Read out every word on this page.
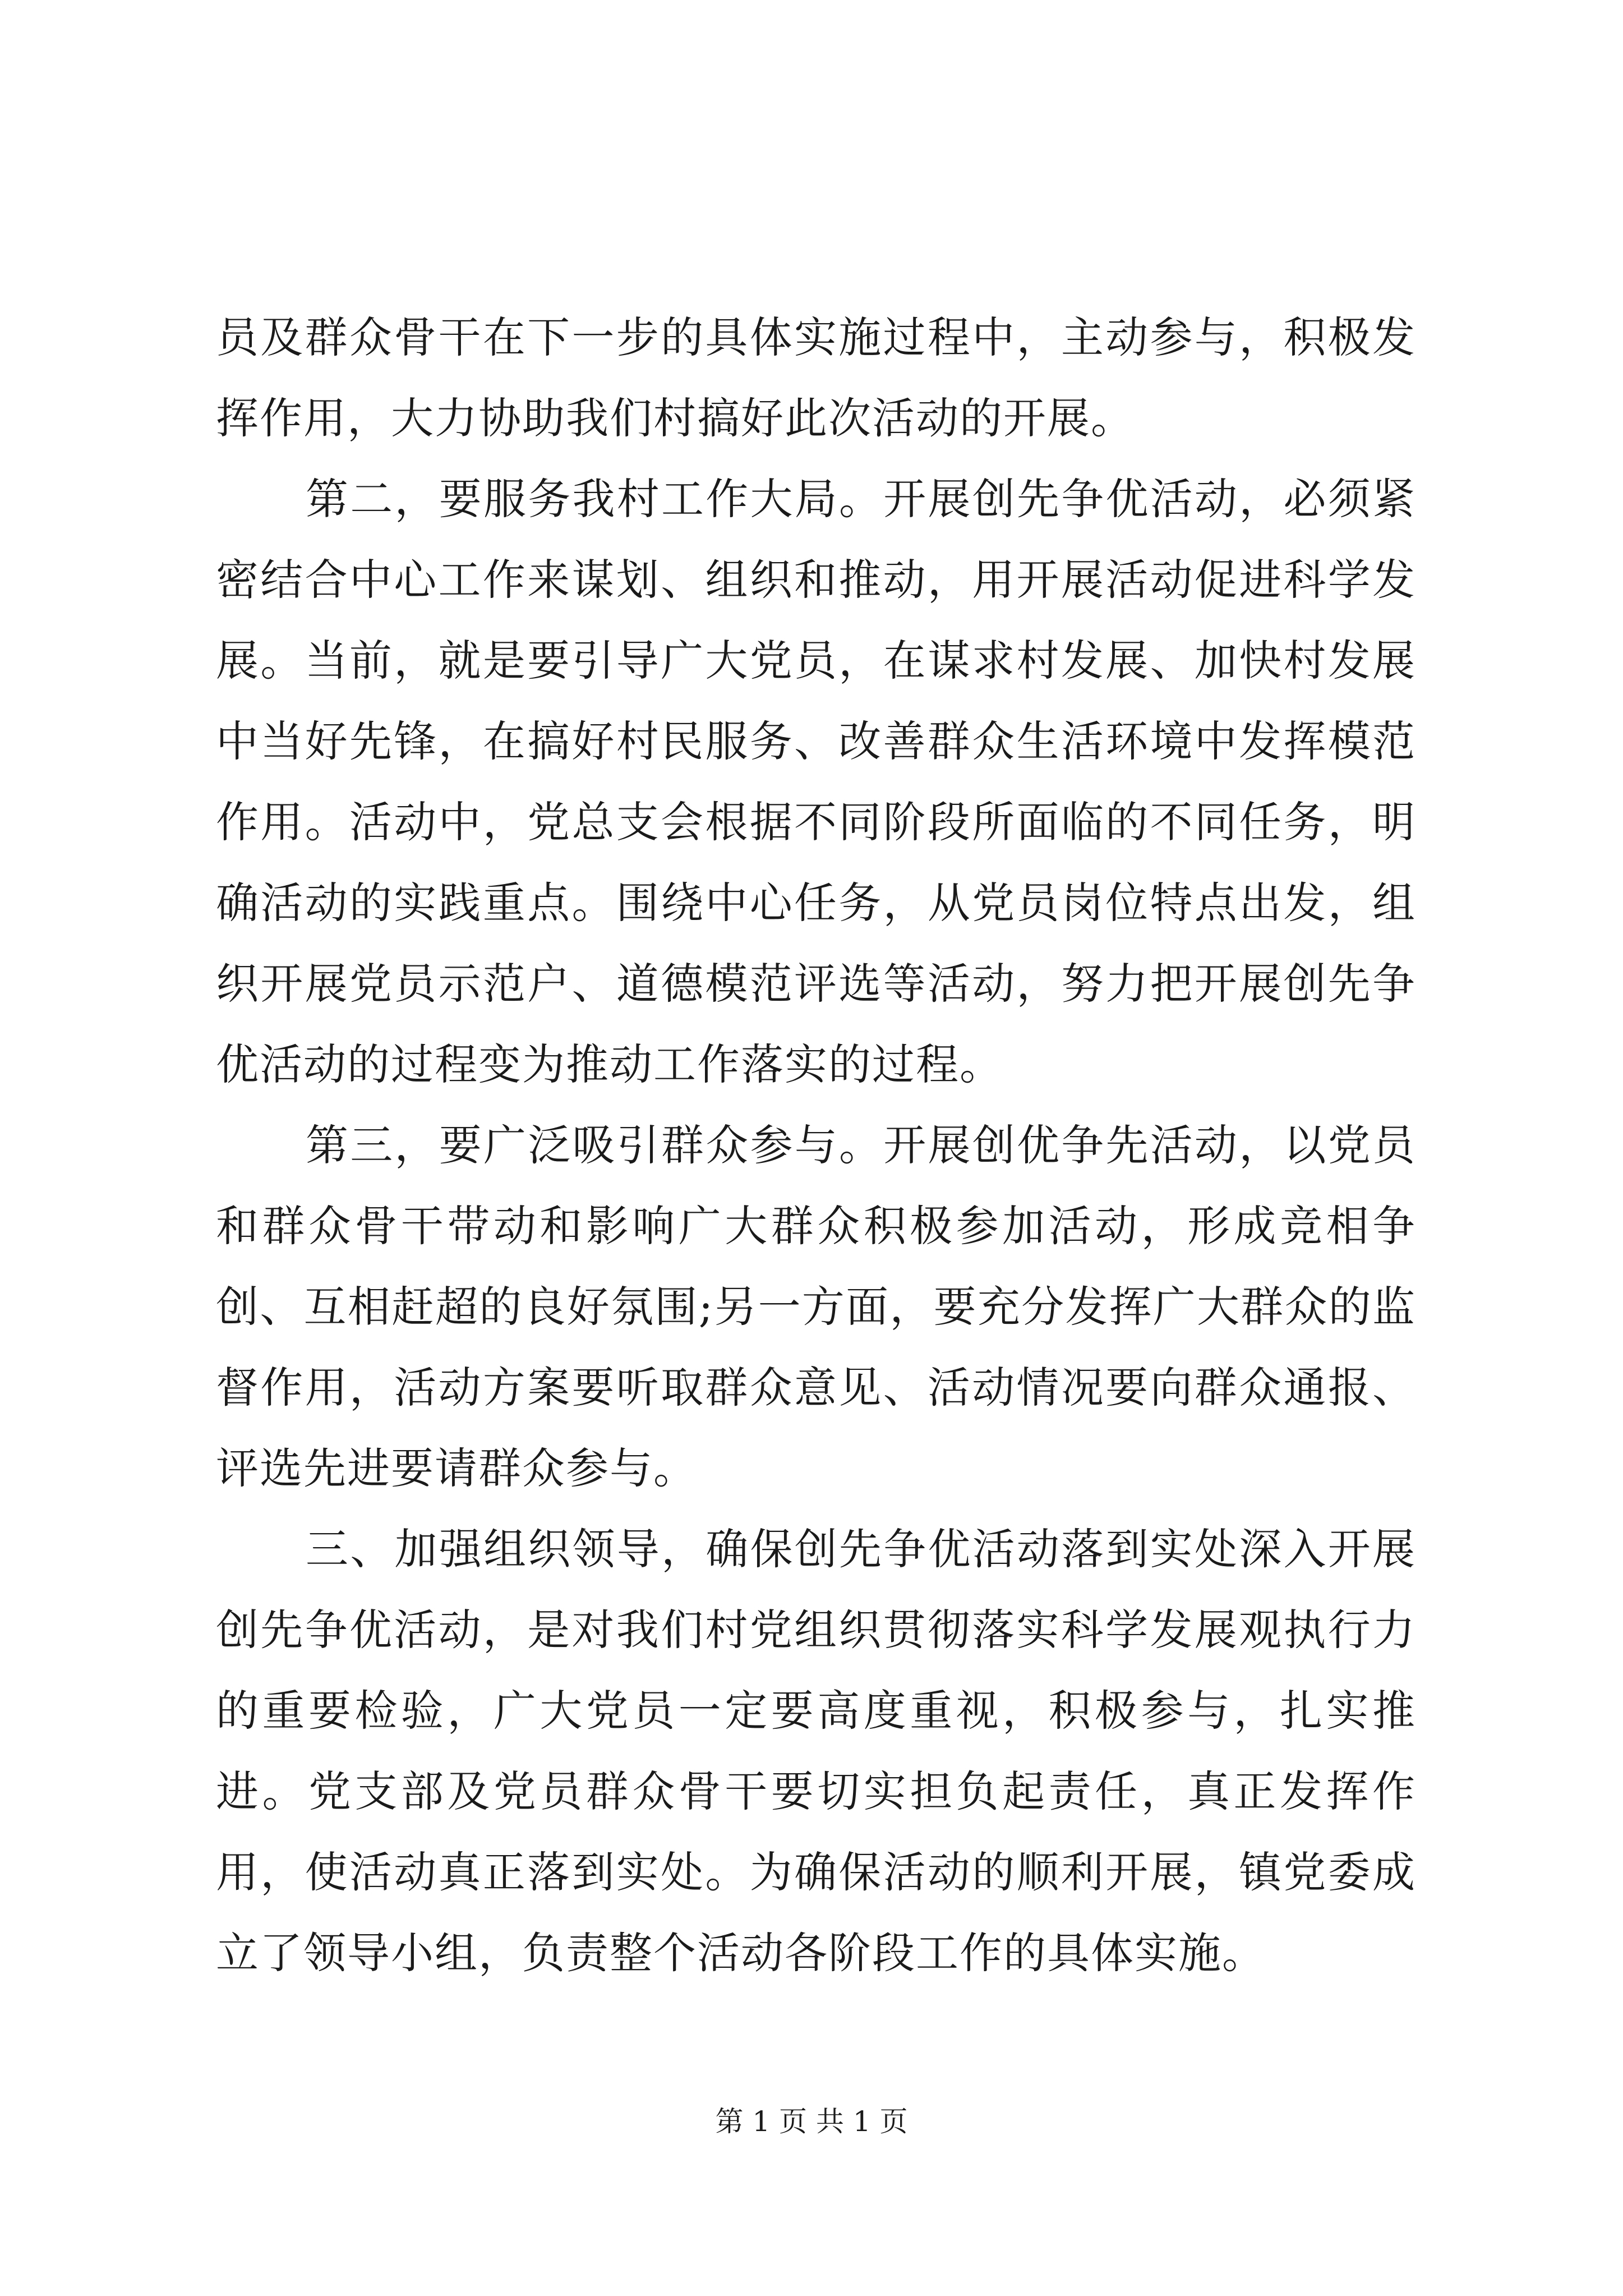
员及群众骨干在下一步的具体实施过程中，主动参与，积极发挥作用，大力协助我们村搞好此次活动的开展。

第二，要服务我村工作大局。开展创先争优活动，必须紧密结合中心工作来谋划、组织和推动，用开展活动促进科学发展。当前，就是要引导广大党员，在谋求村发展、加快村发展中当好先锋，在搞好村民服务、改善群众生活环境中发挥模范作用。活动中，党总支会根据不同阶段所面临的不同任务，明确活动的实践重点。围绕中心任务，从党员岗位特点出发，组织开展党员示范户、道德模范评选等活动，努力把开展创先争优活动的过程变为推动工作落实的过程。

第三，要广泛吸引群众参与。开展创优争先活动，以党员和群众骨干带动和影响广大群众积极参加活动，形成竞相争创、互相赶超的良好氛围;另一方面，要充分发挥广大群众的监督作用，活动方案要听取群众意见、活动情况要向群众通报、评选先进要请群众参与。

三、加强组织领导，确保创先争优活动落到实处深入开展创先争优活动，是对我们村党组织贯彻落实科学发展观执行力的重要检验，广大党员一定要高度重视，积极参与，扎实推进。党支部及党员群众骨干要切实担负起责任，真正发挥作用，使活动真正落到实处。为确保活动的顺利开展，镇党委成立了领导小组，负责整个活动各阶段工作的具体实施。

第 1 页 共 1 页
